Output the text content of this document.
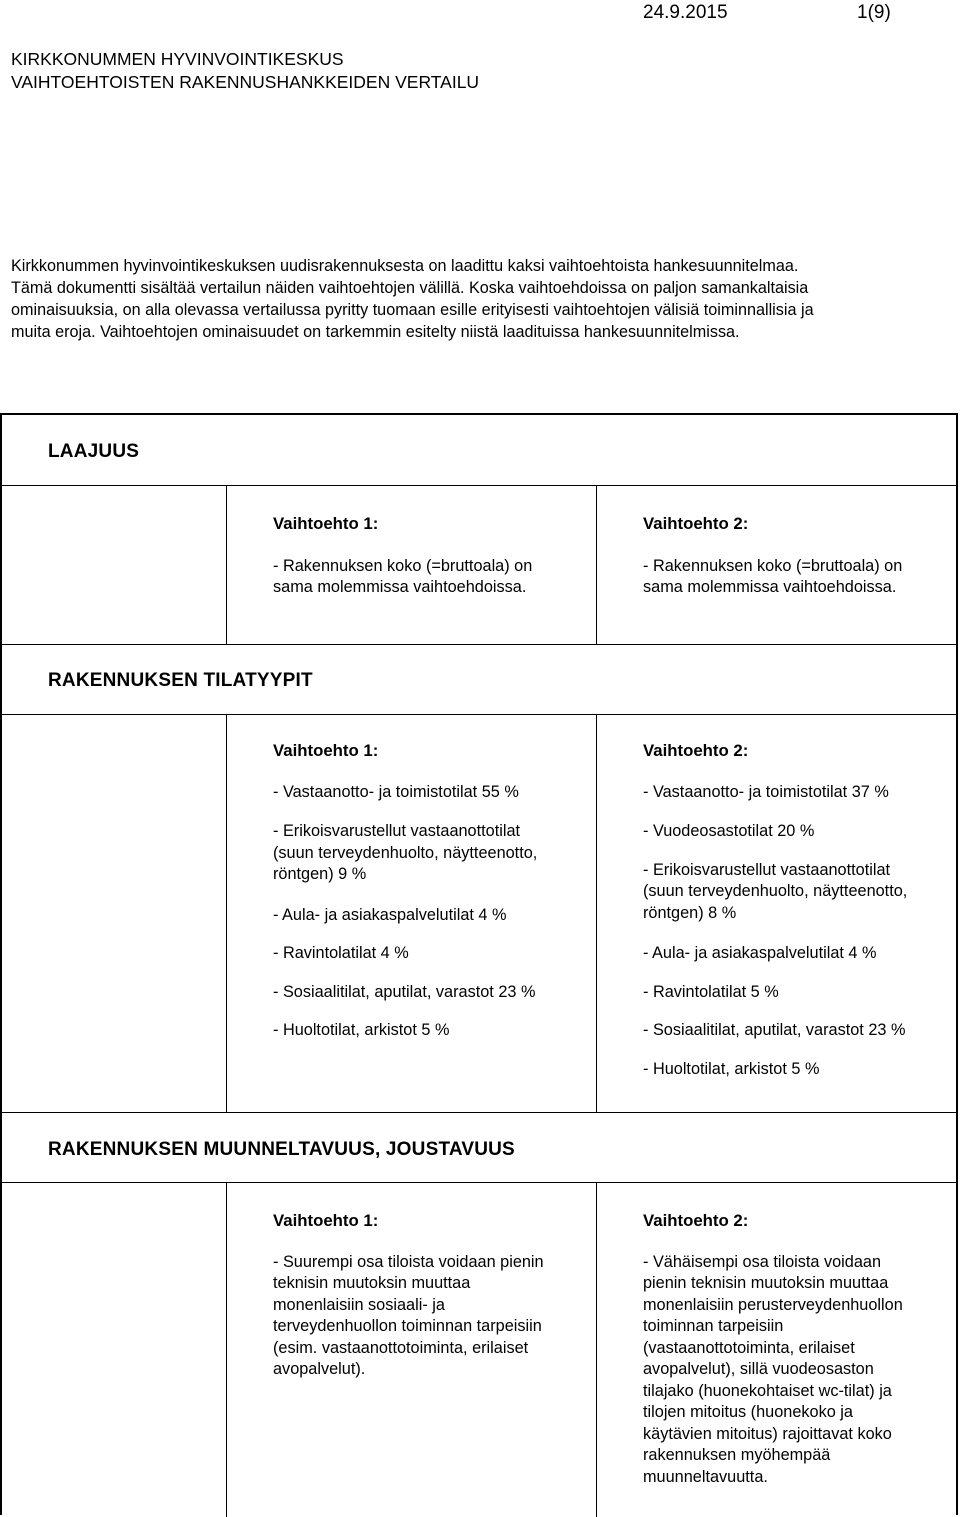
24.9.2015	1(9)
KIRKKONUMMEN HYVINVOINTIKESKUS
VAIHTOEHTOISTEN RAKENNUSHANKKEIDEN VERTAILU
Kirkkonummen hyvinvointikeskuksen uudisrakennuksesta on laadittu kaksi vaihtoehtoista hankesuunnitelmaa.
Tämä dokumentti sisältää vertailun näiden vaihtoehtojen välillä. Koska vaihtoehdoissa on paljon samankaltaisia
ominaisuuksia, on alla olevassa vertailussa pyritty tuomaan esille erityisesti vaihtoehtojen välisiä toiminnallisia ja
muita eroja. Vaihtoehtojen ominaisuudet on tarkemmin esitelty niistä laadituissa hankesuunnitelmissa.
LAAJUUS
Vaihtoehto 1:
- Rakennuksen koko (=bruttoala) on
sama molemmissa vaihtoehdoissa.
Vaihtoehto 2:
- Rakennuksen koko (=bruttoala) on
sama molemmissa vaihtoehdoissa.
RAKENNUKSEN TILATYYPIT
Vaihtoehto 1:
- Vastaanotto- ja toimistotilat 55 %
- Erikoisvarustellut vastaanottotilat
(suun terveydenhuolto, näytteenotto,
röntgen) 9 %
- Aula- ja asiakaspalvelutilat 4 %
- Ravintolatilat 4 %
- Sosiaalitilat, aputilat, varastot 23 %
- Huoltotilat, arkistot 5 %
Vaihtoehto 2:
- Vastaanotto- ja toimistotilat 37 %
- Vuodeosastotilat 20 %
- Erikoisvarustellut vastaanottotilat
(suun terveydenhuolto, näytteenotto,
röntgen) 8 %
- Aula- ja asiakaspalvelutilat 4 %
- Ravintolatilat 5 %
- Sosiaalitilat, aputilat, varastot 23 %
- Huoltotilat, arkistot 5 %
RAKENNUKSEN MUUNNELTAVUUS, JOUSTAVUUS
Vaihtoehto 1:
- Suurempi osa tiloista voidaan pienin
teknisin muutoksin muuttaa
monenlaisiin sosiaali- ja
terveydenhuollon toiminnan tarpeisiin
(esim. vastaanottotoiminta, erilaiset
avopalvelut).
Vaihtoehto 2:
- Vähäisempi osa tiloista voidaan
pienin teknisin muutoksin muuttaa
monenlaisiin perusterveydenhuollon
toiminnan tarpeisiin
(vastaanottotoiminta, erilaiset
avopalvelut), sillä vuodeosaston
tilajako (huonekohtaiset wc-tilat) ja
tilojen mitoitus (huonekoko ja
käytävien mitoitus) rajoittavat koko
rakennuksen myöhempää
muunneltavuutta.
